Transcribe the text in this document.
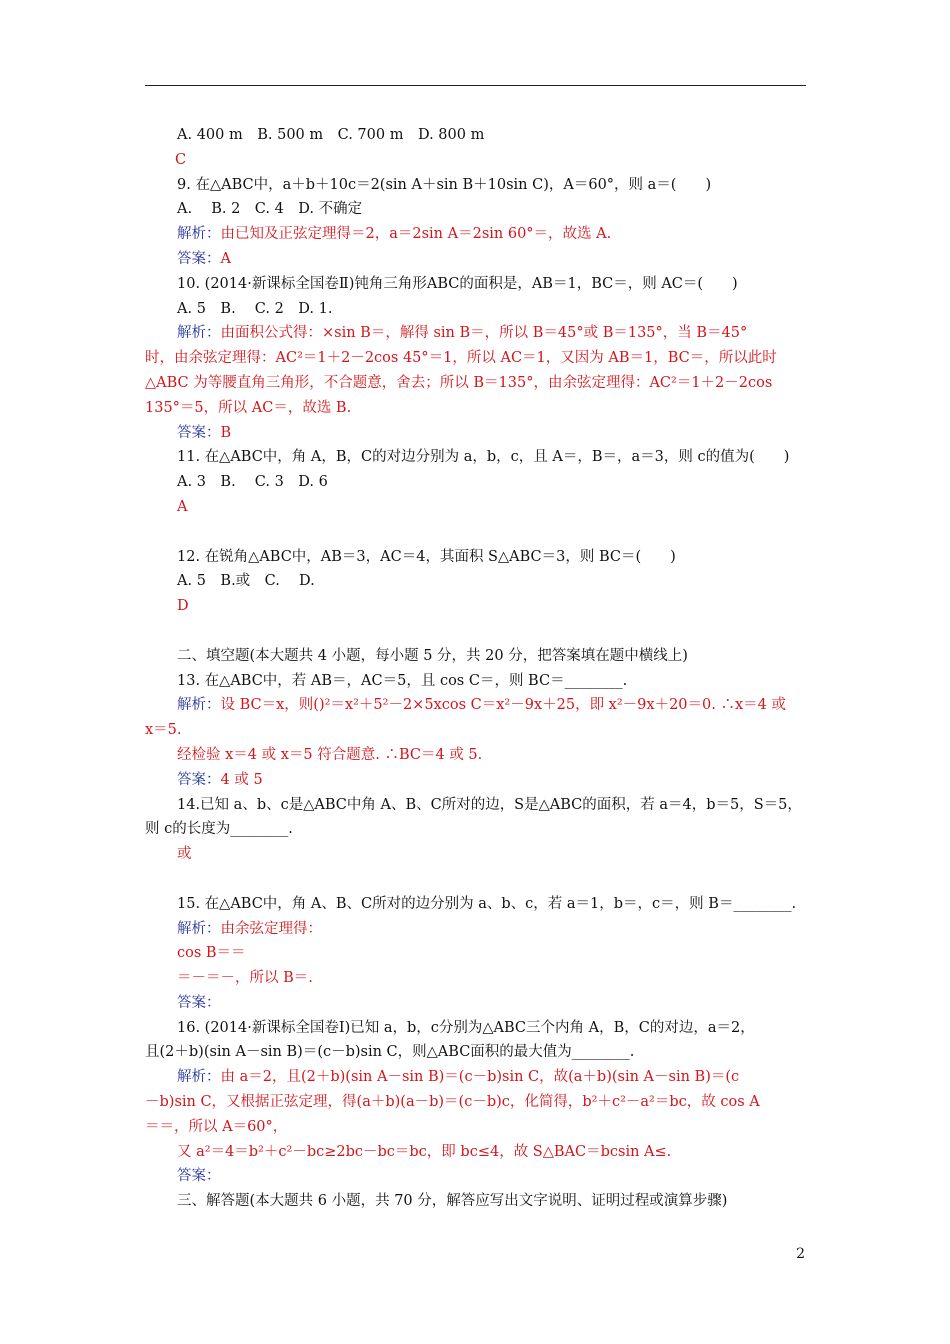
A. 400 m　B. 500 m　C. 700 m　D. 800 m
C
9. 在△ABC中，a＋b＋10c＝2(sin A＋sin B＋10sin C)，A＝60°，则 a＝(　　)
A. 　B. 2　C. 4　D. 不确定
解析：由已知及正弦定理得＝2，a＝2sin A＝2sin 60°＝，故选 A.
答案：A
10. (2014·新课标全国卷Ⅱ)钝角三角形ABC的面积是，AB＝1，BC＝，则 AC＝(　　)
A. 5　B. 　C. 2　D. 1.
解析：由面积公式得：×sin B＝，解得 sin B＝，所以 B＝45°或 B＝135°，当 B＝45°
时，由余弦定理得：AC²＝1＋2－2cos 45°＝1，所以 AC＝1，又因为 AB＝1，BC＝，所以此时
△ABC 为等腰直角三角形，不合题意，舍去；所以 B＝135°，由余弦定理得：AC²＝1＋2－2cos
135°＝5，所以 AC＝，故选 B.
答案：B
11. 在△ABC中，角 A，B，C的对边分别为 a，b，c，且 A＝，B＝，a＝3，则 c的值为(　　)
A. 3　B. 　C. 3　D. 6
A
12. 在锐角△ABC中，AB＝3，AC＝4，其面积 S△ABC＝3，则 BC＝(　　)
A. 5　B.或　C. 　D.
D
二、填空题(本大题共 4 小题，每小题 5 分，共 20 分，把答案填在题中横线上)
13. 在△ABC中，若 AB＝，AC＝5，且 cos C＝，则 BC＝________.
解析：设 BC＝x，则()²＝x²＋5²－2×5xcos C＝x²－9x＋25，即 x²－9x＋20＝0. ∴x＝4 或
x＝5.
经检验 x＝4 或 x＝5 符合题意. ∴BC＝4 或 5.
答案：4 或 5
14.已知 a、b、c是△ABC中角 A、B、C所对的边，S是△ABC的面积，若 a＝4，b＝5，S＝5，
则 c的长度为________.
或
15. 在△ABC中，角 A、B、C所对的边分别为 a、b、c，若 a＝1，b＝，c＝，则 B＝________.
解析：由余弦定理得：
cos B＝＝
＝－＝－，所以 B＝.
答案：
16. (2014·新课标全国卷Ⅰ)已知 a，b，c分别为△ABC三个内角 A，B，C的对边，a＝2，
且(2＋b)(sin A－sin B)＝(c－b)sin C，则△ABC面积的最大值为________.
解析：由 a＝2，且(2＋b)(sin A－sin B)＝(c－b)sin C，故(a＋b)(sin A－sin B)＝(c
－b)sin C，又根据正弦定理，得(a＋b)(a－b)＝(c－b)c，化简得，b²＋c²－a²＝bc，故 cos A
＝＝，所以 A＝60°，
又 a²＝4＝b²＋c²－bc≥2bc－bc＝bc，即 bc≤4，故 S△BAC＝bcsin A≤.
答案：
三、解答题(本大题共 6 小题，共 70 分，解答应写出文字说明、证明过程或演算步骤)
2
